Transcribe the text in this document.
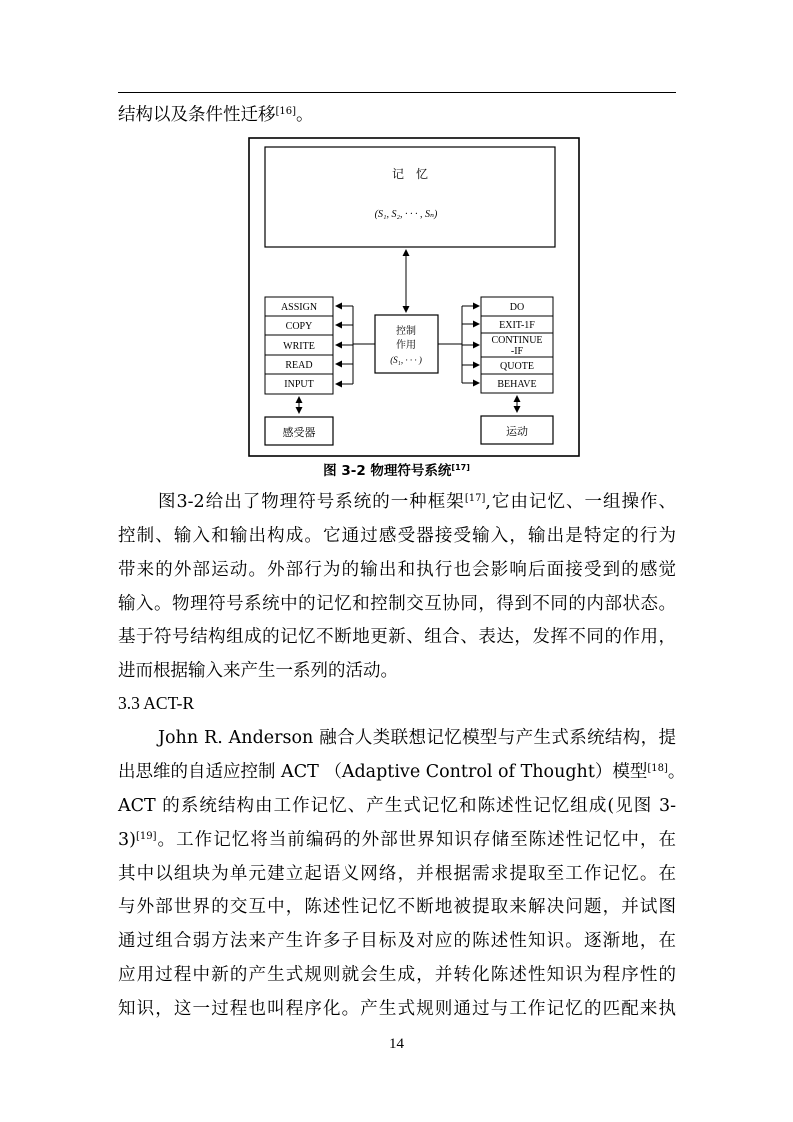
结构以及条件性迁移[16]。
记　忆
(S₁, S₂, · · · , Sₙ)
控制
作用
(S₁, · · · )
ASSIGN
COPY
WRITE
READ
INPUT
DO
EXIT-1F
CONTINUE
-IF
QUOTE
BEHAVE
感受器	运动
图 3-2 物理符号系统[17]
图3-2给出了物理符号系统的一种框架[17],它由记忆、一组操作、
控制、输入和输出构成。它通过感受器接受输入，输出是特定的行为
带来的外部运动。外部行为的输出和执行也会影响后面接受到的感觉
输入。物理符号系统中的记忆和控制交互协同，得到不同的内部状态。
基于符号结构组成的记忆不断地更新、组合、表达，发挥不同的作用，
进而根据输入来产生一系列的活动。
3.3 ACT-R
John R. Anderson 融合人类联想记忆模型与产生式系统结构，提
出思维的自适应控制 ACT （Adaptive Control of Thought）模型[18]。
ACT 的系统结构由工作记忆、产生式记忆和陈述性记忆组成(见图 3-
3)[19]。工作记忆将当前编码的外部世界知识存储至陈述性记忆中，在
其中以组块为单元建立起语义网络，并根据需求提取至工作记忆。在
与外部世界的交互中，陈述性记忆不断地被提取来解决问题，并试图
通过组合弱方法来产生许多子目标及对应的陈述性知识。逐渐地，在
应用过程中新的产生式规则就会生成，并转化陈述性知识为程序性的
知识，这一过程也叫程序化。产生式规则通过与工作记忆的匹配来执
14
